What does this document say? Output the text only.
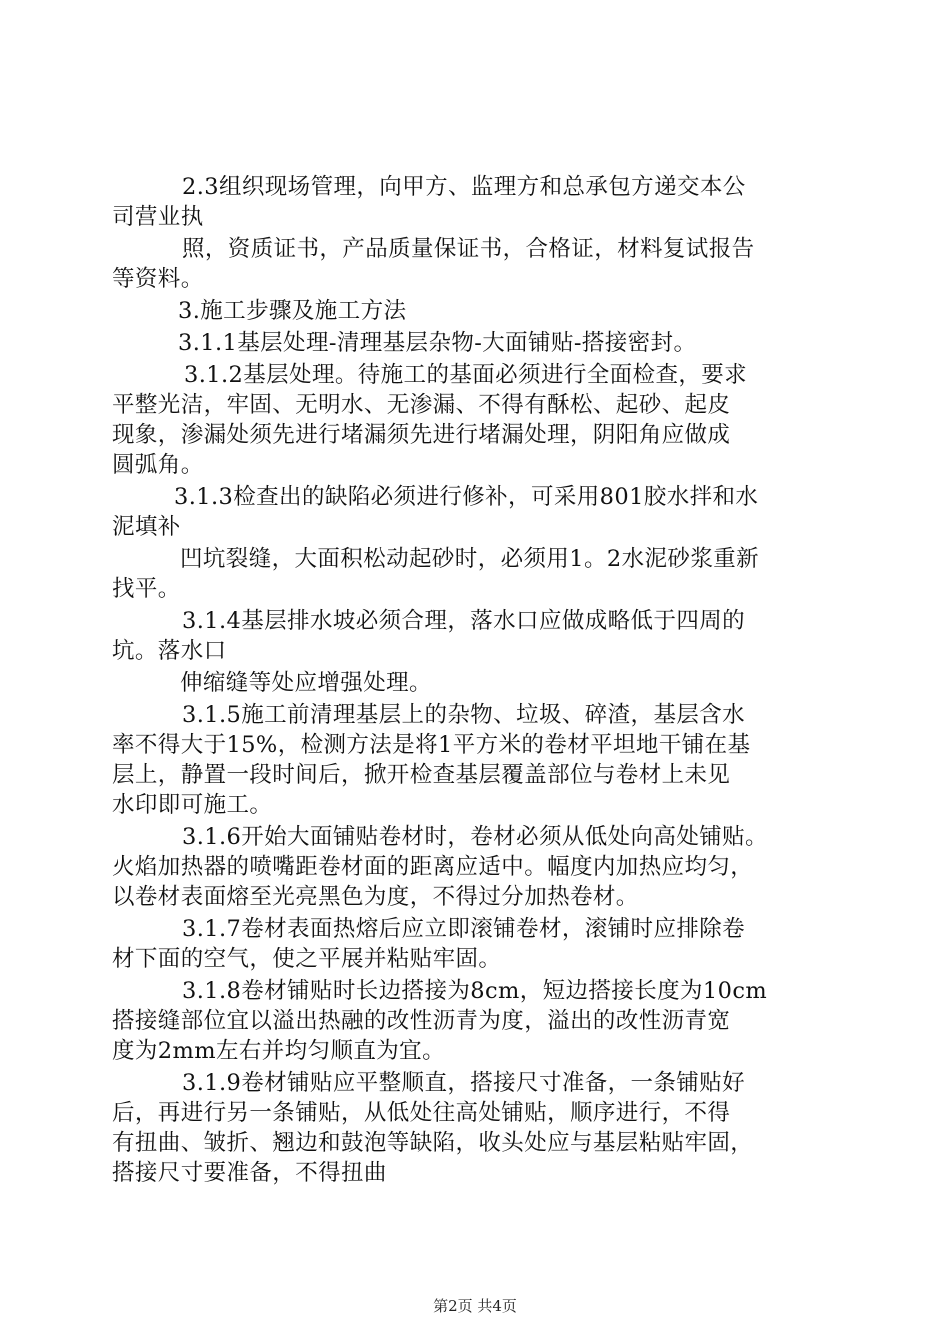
2.3组织现场管理，向甲方、监理方和总承包方递交本公
司营业执
照，资质证书，产品质量保证书，合格证，材料复试报告
等资料。
3.施工步骤及施工方法
3.1.1基层处理-清理基层杂物-大面铺贴-搭接密封。
3.1.2基层处理。待施工的基面必须进行全面检查，要求
平整光洁，牢固、无明水、无渗漏、不得有酥松、起砂、起皮
现象，渗漏处须先进行堵漏须先进行堵漏处理，阴阳角应做成
圆弧角。
3.1.3检查出的缺陷必须进行修补，可采用801胶水拌和水
泥填补
凹坑裂缝，大面积松动起砂时，必须用1。2水泥砂浆重新
找平。
3.1.4基层排水坡必须合理，落水口应做成略低于四周的
坑。落水口
伸缩缝等处应增强处理。
3.1.5施工前清理基层上的杂物、垃圾、碎渣，基层含水
率不得大于15%，检测方法是将1平方米的卷材平坦地干铺在基
层上，静置一段时间后，掀开检查基层覆盖部位与卷材上未见
水印即可施工。
3.1.6开始大面铺贴卷材时，卷材必须从低处向高处铺贴。
火焰加热器的喷嘴距卷材面的距离应适中。幅度内加热应均匀，
以卷材表面熔至光亮黑色为度，不得过分加热卷材。
3.1.7卷材表面热熔后应立即滚铺卷材，滚铺时应排除卷
材下面的空气，使之平展并粘贴牢固。
3.1.8卷材铺贴时长边搭接为8cm，短边搭接长度为10cm
搭接缝部位宜以溢出热融的改性沥青为度，溢出的改性沥青宽
度为2mm左右并均匀顺直为宜。
3.1.9卷材铺贴应平整顺直，搭接尺寸准备，一条铺贴好
后，再进行另一条铺贴，从低处往高处铺贴，顺序进行，不得
有扭曲、皱折、翘边和鼓泡等缺陷，收头处应与基层粘贴牢固，
搭接尺寸要准备，不得扭曲
第2页 共4页
